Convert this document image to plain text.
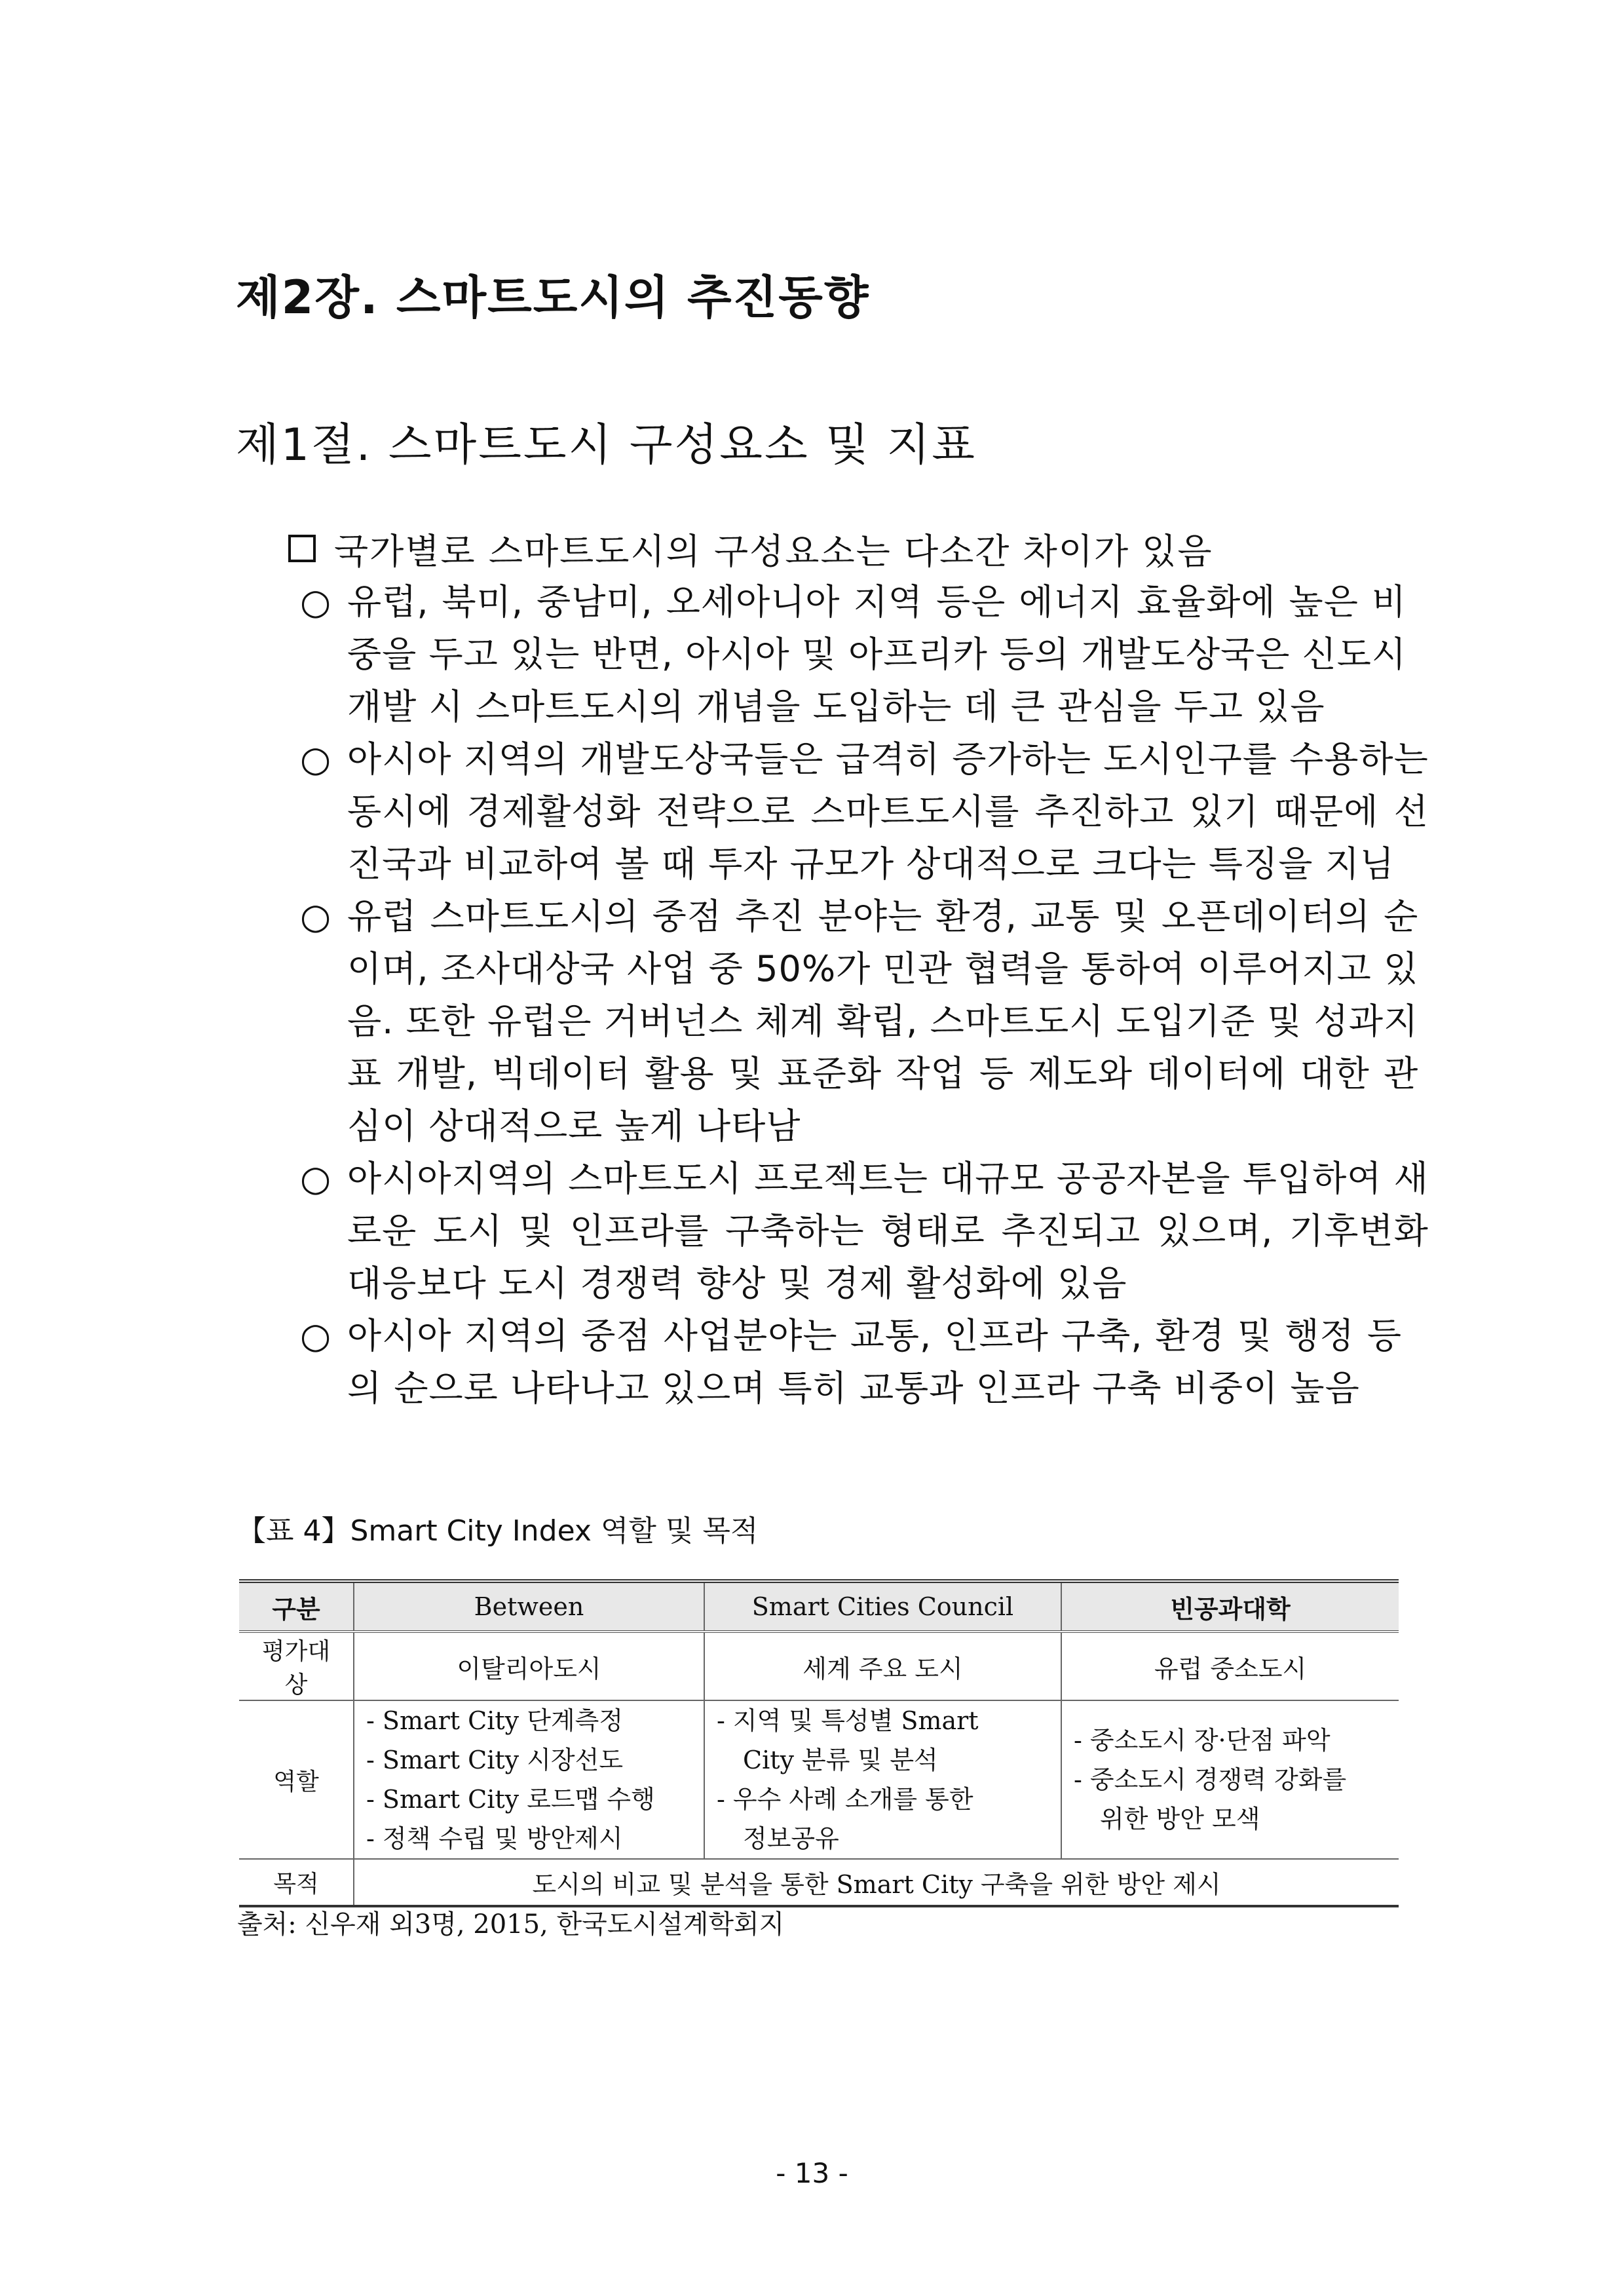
제2장. 스마트도시의 추진동향
제1절. 스마트도시 구성요소 및 지표
국가별로 스마트도시의 구성요소는 다소간 차이가 있음
○ 유럽, 북미, 중남미, 오세아니아 지역 등은 에너지 효율화에 높은 비
중을 두고 있는 반면, 아시아 및 아프리카 등의 개발도상국은 신도시
개발 시 스마트도시의 개념을 도입하는 데 큰 관심을 두고 있음
○ 아시아 지역의 개발도상국들은 급격히 증가하는 도시인구를 수용하는
동시에 경제활성화 전략으로 스마트도시를 추진하고 있기 때문에 선
진국과 비교하여 볼 때 투자 규모가 상대적으로 크다는 특징을 지님
○ 유럽 스마트도시의 중점 추진 분야는 환경, 교통 및 오픈데이터의 순
이며, 조사대상국 사업 중 50%가 민관 협력을 통하여 이루어지고 있
음. 또한 유럽은 거버넌스 체계 확립, 스마트도시 도입기준 및 성과지
표 개발, 빅데이터 활용 및 표준화 작업 등 제도와 데이터에 대한 관
심이 상대적으로 높게 나타남
○ 아시아지역의 스마트도시 프로젝트는 대규모 공공자본을 투입하여 새
로운 도시 및 인프라를 구축하는 형태로 추진되고 있으며, 기후변화
대응보다 도시 경쟁력 향상 및 경제 활성화에 있음
○ 아시아 지역의 중점 사업분야는 교통, 인프라 구축, 환경 및 행정 등
의 순으로 나타나고 있으며 특히 교통과 인프라 구축 비중이 높음
【표 4】Smart City Index 역할 및 목적
구분	Between	Smart Cities Council	빈공과대학
평가대상	이탈리아도시	세계 주요 도시	유럽 중소도시
역할	- Smart City 단계측정
- Smart City 시장선도
- Smart City 로드맵 수행
- 정책 수립 및 방안제시	- 지역 및 특성별 Smart
City 분류 및 분석
- 우수 사례 소개를 통한
정보공유	- 중소도시 장·단점 파악
- 중소도시 경쟁력 강화를
위한 방안 모색

목적	도시의 비교 및 분석을 통한 Smart City 구축을 위한 방안 제시		
출처: 신우재 외3명, 2015, 한국도시설계학회지
- 13 -
